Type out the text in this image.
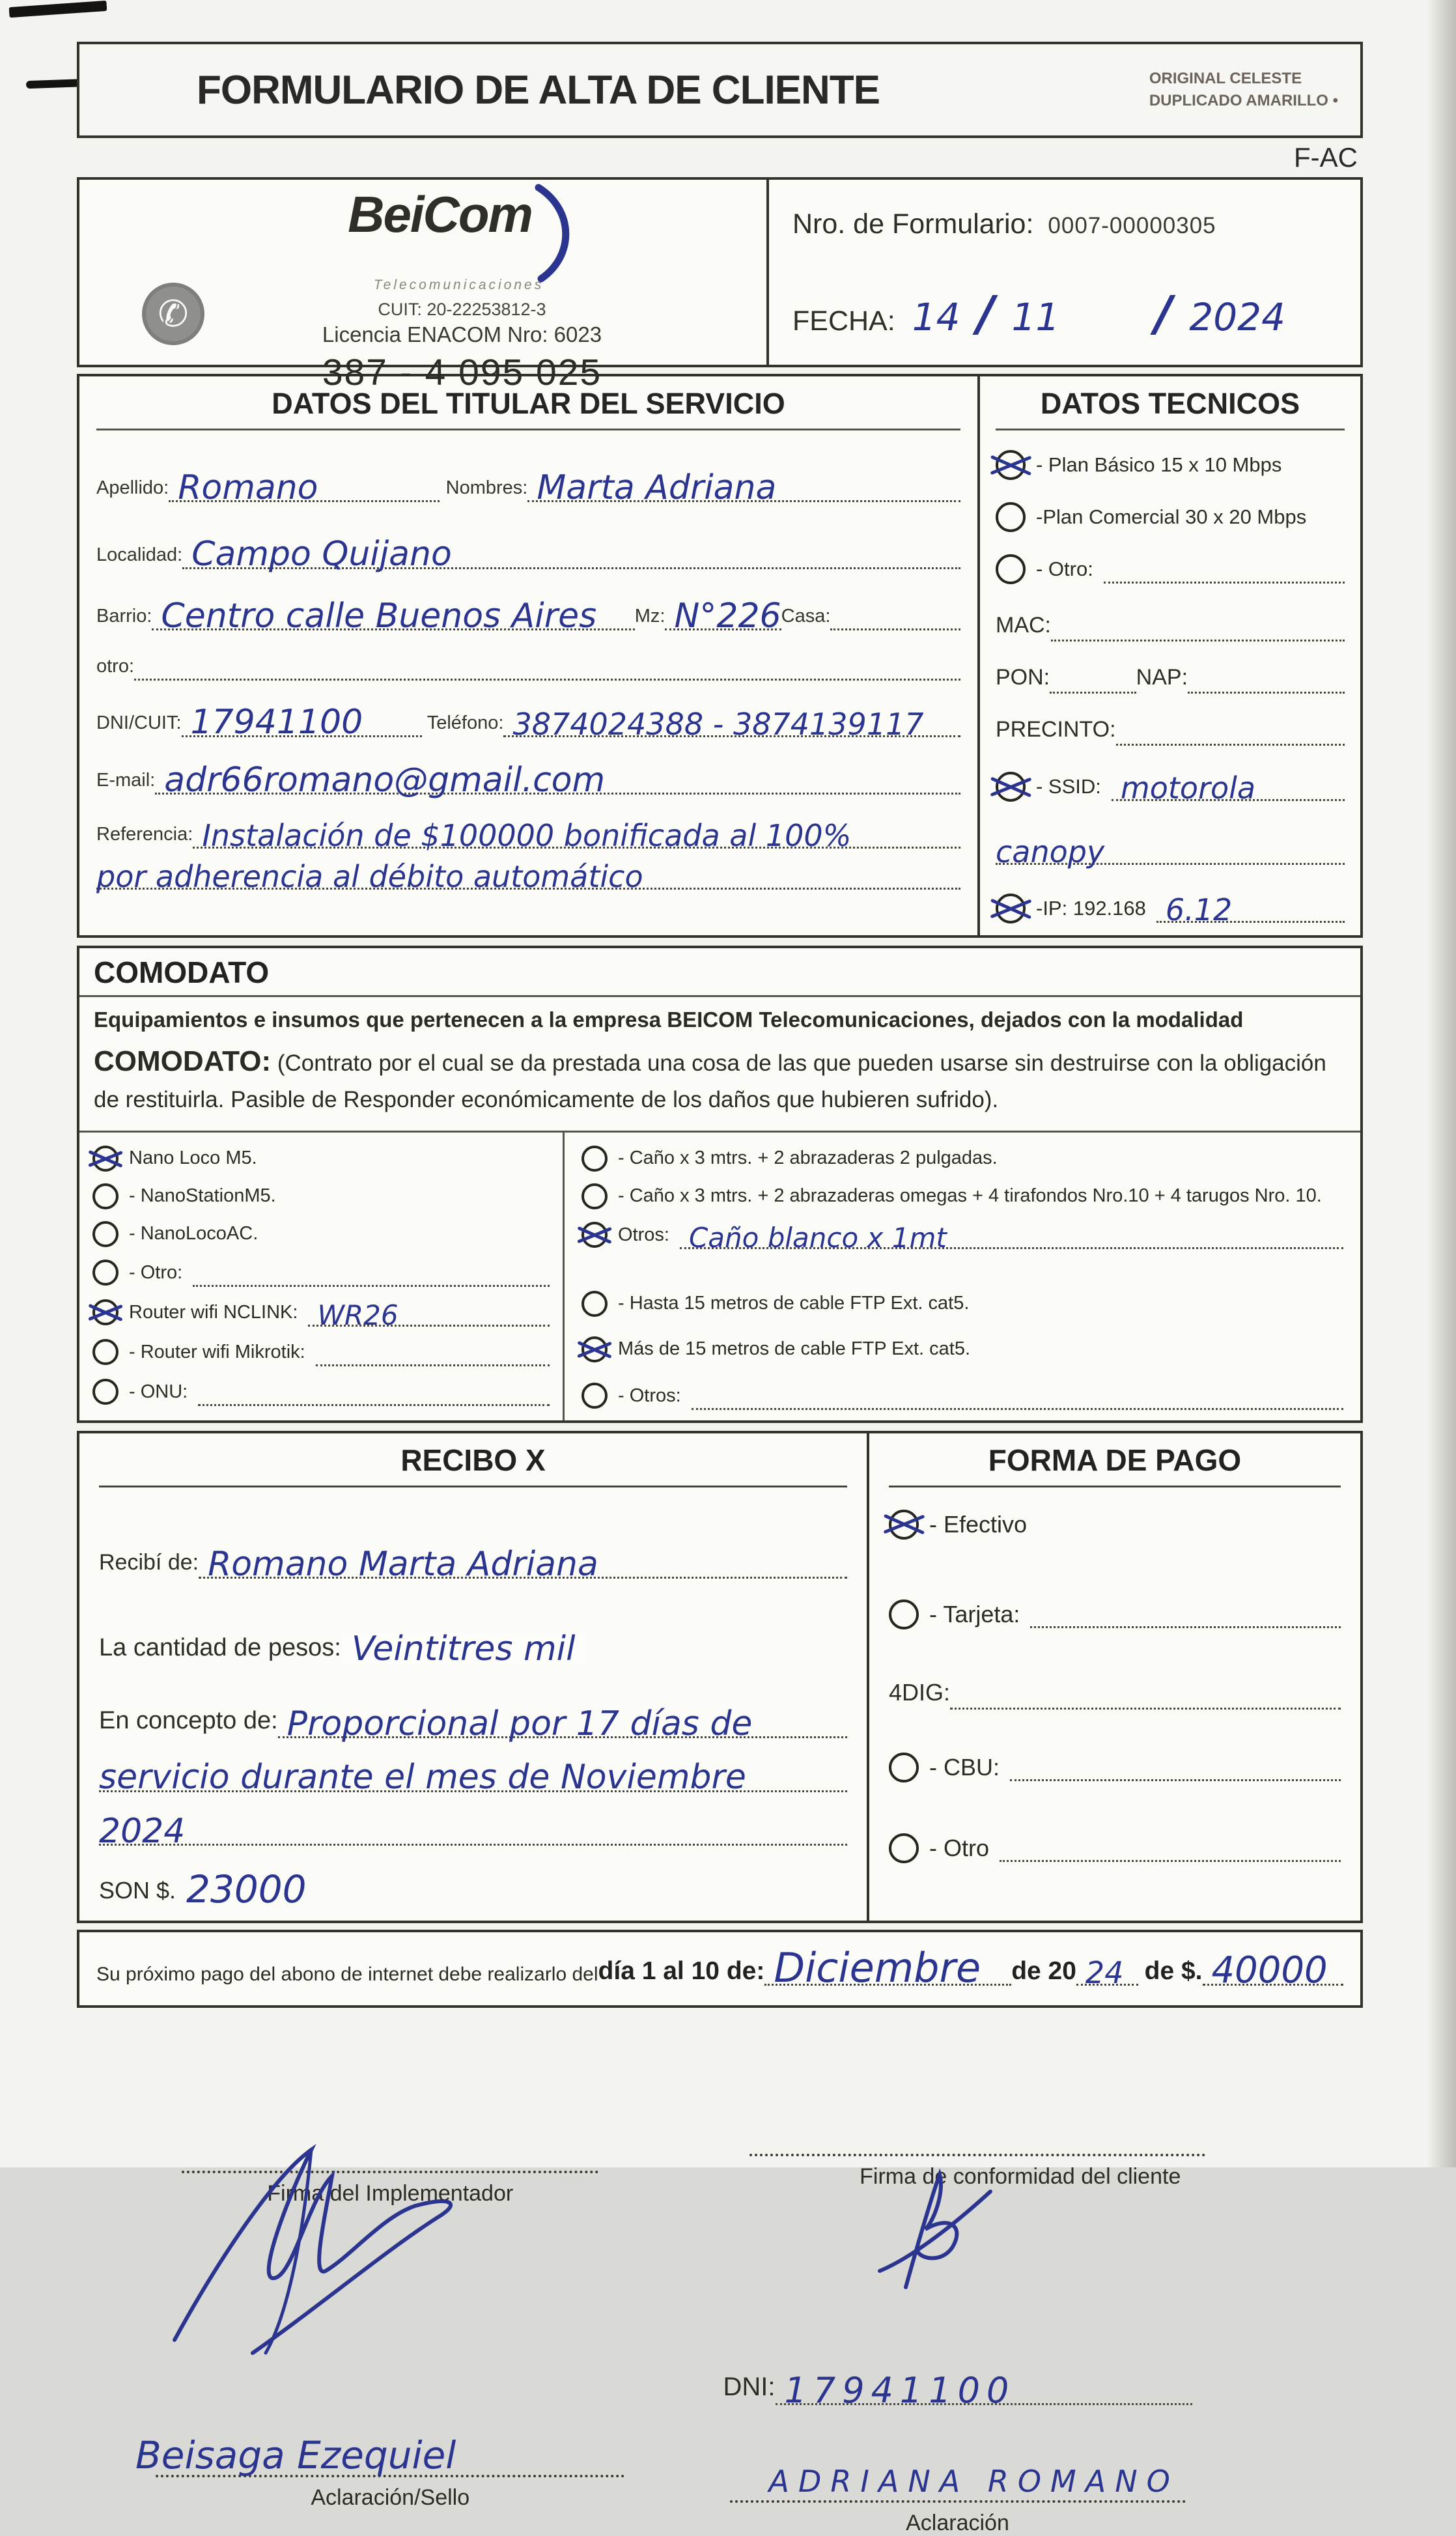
FORMULARIO DE ALTA DE CLIENTE	ORIGINAL CELESTE
DUPLICADO AMARILLO •
F-AC
BeiCom
Telecomunicaciones
CUIT: 20-22253812-3
Licencia ENACOM Nro: 6023
387 - 4 095 025
✆
Nro. de Formulario: 0007-00000305
FECHA: 14 / 11 / 2024
DATOS DEL TITULAR DEL SERVICIO
Apellido: Romano	Nombres: Marta Adriana
Localidad: Campo Quijano
Barrio: Centro calle Buenos Aires Mz: N°226 Casa:
otro:
DNI/CUIT: 17941100	Teléfono: 3874024388 - 3874139117
E-mail: adr66romano@gmail.com
Referencia: Instalación de $100000 bonificada al 100%
por adherencia al débito automático
DATOS TECNICOS
- Plan Básico 15 x 10 Mbps
-Plan Comercial 30 x 20 Mbps
- Otro:
MAC:
PON:	NAP:
PRECINTO:
- SSID: motorola
canopy
-IP: 192.168 6.12
COMODATO
Equipamientos e insumos que pertenecen a la empresa BEICOM Telecomunicaciones, dejados con la modalidad
COMODATO: (Contrato por el cual se da prestada una cosa de las que pueden usarse sin destruirse con la obligación de restituirla. Pasible de Responder económicamente de los daños que hubieren sufrido).
Nano Loco M5.
- NanoStationM5.
- NanoLocoAC.
- Otro:
Router wifi NCLINK: WR26
- Router wifi Mikrotik:
- ONU:
- Caño x 3 mtrs. + 2 abrazaderas 2 pulgadas.
- Caño x 3 mtrs. + 2 abrazaderas omegas + 4 tirafondos Nro.10 + 4 tarugos Nro. 10.
Otros: Caño blanco x 1mt
- Hasta 15 metros de cable FTP Ext. cat5.
Más de 15 metros de cable FTP Ext. cat5.
- Otros:
RECIBO X
Recibí de: Romano Marta Adriana
La cantidad de pesos: Veintitres mil
En concepto de: Proporcional por 17 días de
servicio durante el mes de Noviembre
2024
SON $. 23000
FORMA DE PAGO
- Efectivo
- Tarjeta:
4DIG:
- CBU:
- Otro
Su próximo pago del abono de internet debe realizarlo del día 1 al 10 de: Diciembre de 20 24 de $. 40000
Firma del Implementador
Beisaga Ezequiel
Aclaración/Sello
Firma de conformidad del cliente
DNI: 17941100
ADRIANA ROMANO
Aclaración
